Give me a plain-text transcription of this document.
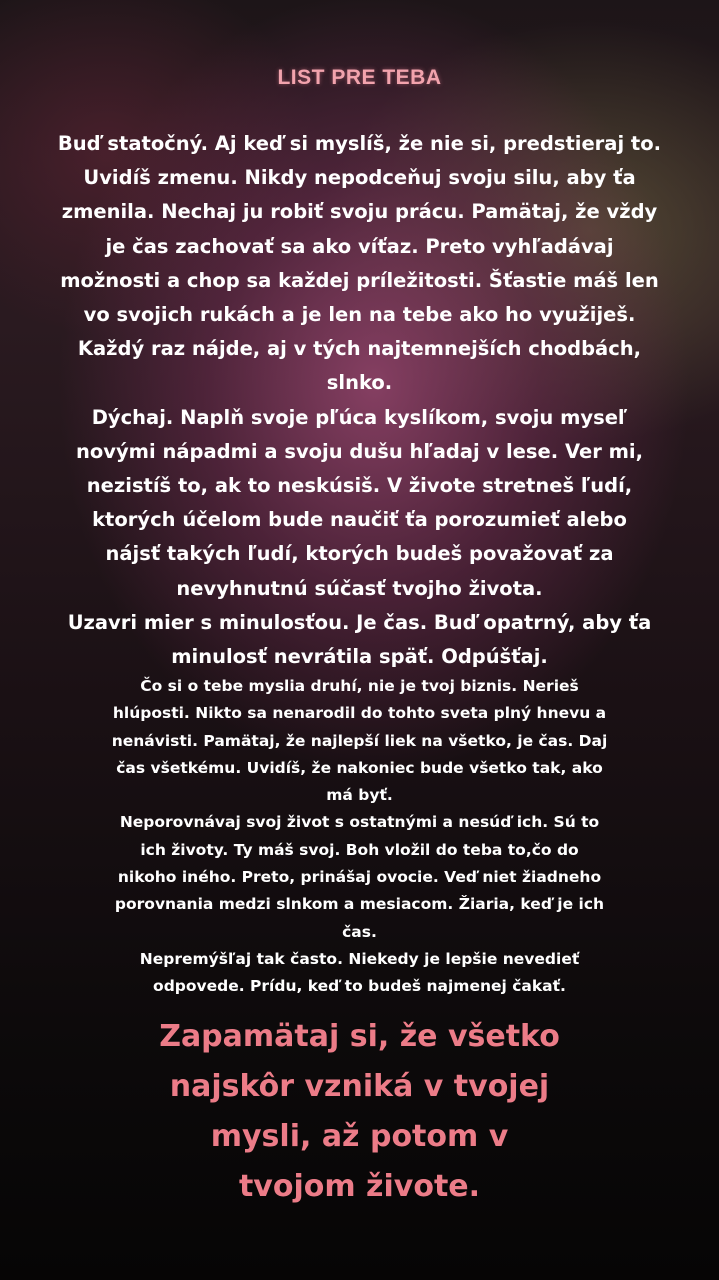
LIST PRE TEBA

Buď statočný. Aj keď si myslíš, že nie si, predstieraj to.
Uvidíš zmenu. Nikdy nepodceňuj svoju silu, aby ťa
zmenila. Nechaj ju robiť svoju prácu. Pamätaj, že vždy
je čas zachovať sa ako víťaz. Preto vyhľadávaj
možnosti a chop sa každej príležitosti. Šťastie máš len
vo svojich rukách a je len na tebe ako ho využiješ.
Každý raz nájde, aj v tých najtemnejších chodbách,
slnko.

Dýchaj. Naplň svoje pľúca kyslíkom, svoju myseľ
novými nápadmi a svoju dušu hľadaj v lese. Ver mi,
nezistíš to, ak to neskúsiš. V živote stretneš ľudí,
ktorých účelom bude naučiť ťa porozumieť alebo
nájsť takých ľudí, ktorých budeš považovať za
nevyhnutnú súčasť tvojho života.

Uzavri mier s minulosťou. Je čas. Buď opatrný, aby ťa
minulosť nevrátila späť. Odpúšťaj.

Čo si o tebe myslia druhí, nie je tvoj biznis. Nerieš
hlúposti. Nikto sa nenarodil do tohto sveta plný hnevu a
nenávisti. Pamätaj, že najlepší liek na všetko, je čas. Daj
čas všetkému. Uvidíš, že nakoniec bude všetko tak, ako
má byť.

Neporovnávaj svoj život s ostatnými a nesúď ich. Sú to
ich životy. Ty máš svoj. Boh vložil do teba to,čo do
nikoho iného. Preto, prinášaj ovocie. Veď niet žiadneho
porovnania medzi slnkom a mesiacom. Žiaria, keď je ich
čas.

Nepremýšľaj tak často. Niekedy je lepšie nevedieť
odpovede. Prídu, keď to budeš najmenej čakať.

Zapamätaj si, že všetko
najskôr vzniká v tvojej
mysli, až potom v
tvojom živote.
